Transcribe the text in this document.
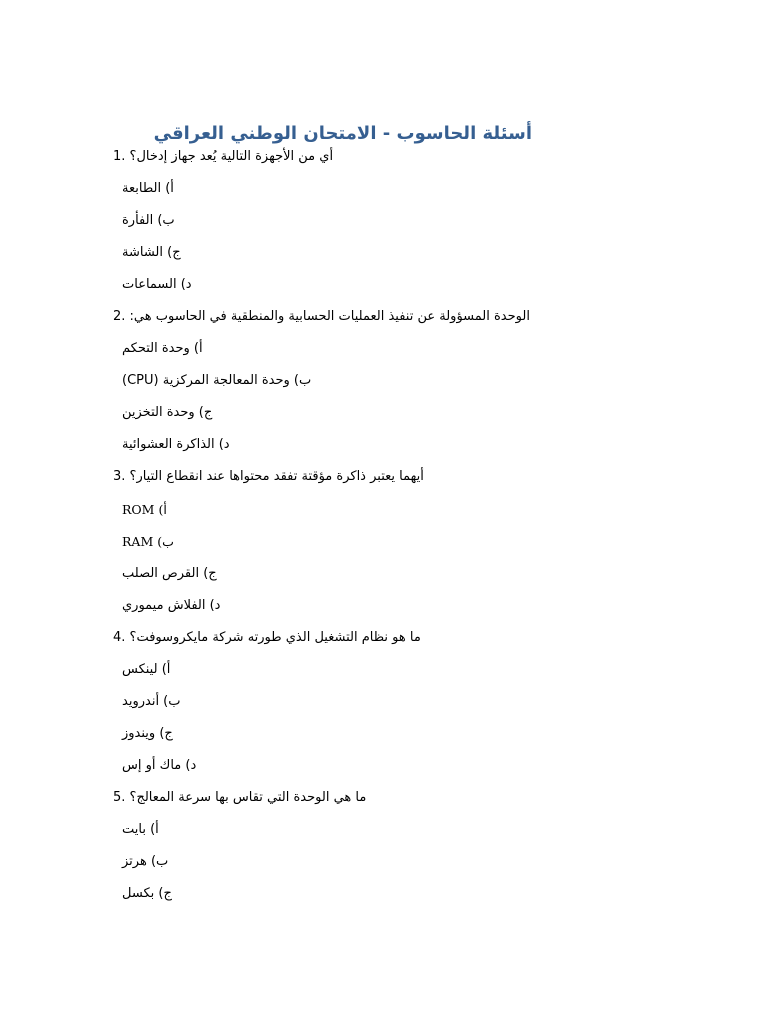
أسئلة الحاسوب - الامتحان الوطني العراقي
1. أي من الأجهزة التالية يُعد جهاز إدخال؟
أ) الطابعة
ب) الفأرة
ج) الشاشة
د) السماعات
2. الوحدة المسؤولة عن تنفيذ العمليات الحسابية والمنطقية في الحاسوب هي:
أ) وحدة التحكم
ب) وحدة المعالجة المركزية (CPU)
ج) وحدة التخزين
د) الذاكرة العشوائية
3. أيهما يعتبر ذاكرة مؤقتة تفقد محتواها عند انقطاع التيار؟
أ) ROM
ب) RAM
ج) القرص الصلب
د) الفلاش ميموري
4. ما هو نظام التشغيل الذي طورته شركة مايكروسوفت؟
أ) لينكس
ب) أندرويد
ج) ويندوز
د) ماك أو إس
5. ما هي الوحدة التي تقاس بها سرعة المعالج؟
أ) بايت
ب) هرتز
ج) بكسل
